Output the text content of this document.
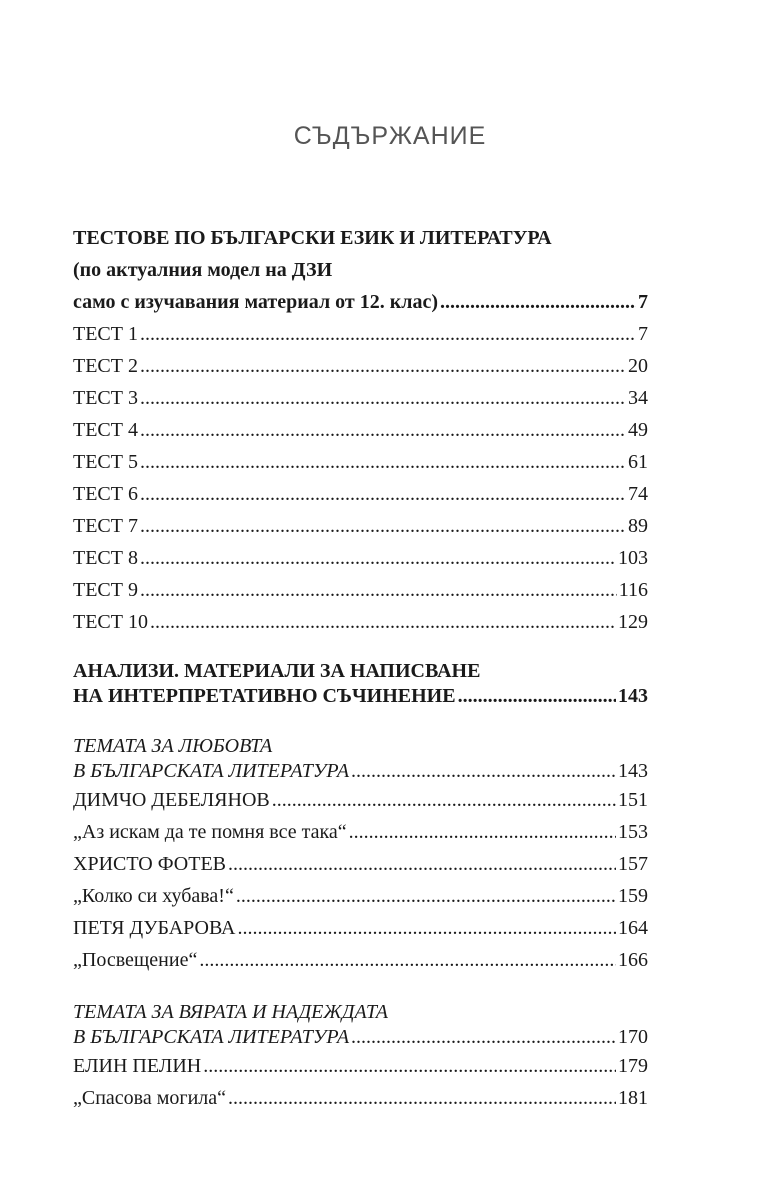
СЪДЪРЖАНИЕ
ТЕСТОВЕ ПО БЪЛГАРСКИ ЕЗИК И ЛИТЕРАТУРА
(по актуалния модел на ДЗИ
само с изучавания материал от 12. клас) .....	7
ТЕСТ 1 .....	7
ТЕСТ 2 .....	20
ТЕСТ 3 .....	34
ТЕСТ 4 .....	49
ТЕСТ 5 .....	61
ТЕСТ 6 .....	74
ТЕСТ 7 .....	89
ТЕСТ 8 .....	103
ТЕСТ 9 .....	116
ТЕСТ 10 .....	129
АНАЛИЗИ. МАТЕРИАЛИ ЗА НАПИСВАНЕ
НА ИНТЕРПРЕТАТИВНО СЪЧИНЕНИЕ .....	143
ТЕМАТА ЗА ЛЮБОВТА
В БЪЛГАРСКАТА ЛИТЕРАТУРА .....	143
ДИМЧО ДЕБЕЛЯНОВ .....	151
„Аз искам да те помня все така“ .....	153
ХРИСТО ФОТЕВ .....	157
„Колко си хубава!“ .....	159
ПЕТЯ ДУБАРОВА .....	164
„Посвещение“ .....	166
ТЕМАТА ЗА ВЯРАТА И НАДЕЖДАТА
В БЪЛГАРСКАТА ЛИТЕРАТУРА .....	170
ЕЛИН ПЕЛИН .....	179
„Спасова могила“ .....	181
